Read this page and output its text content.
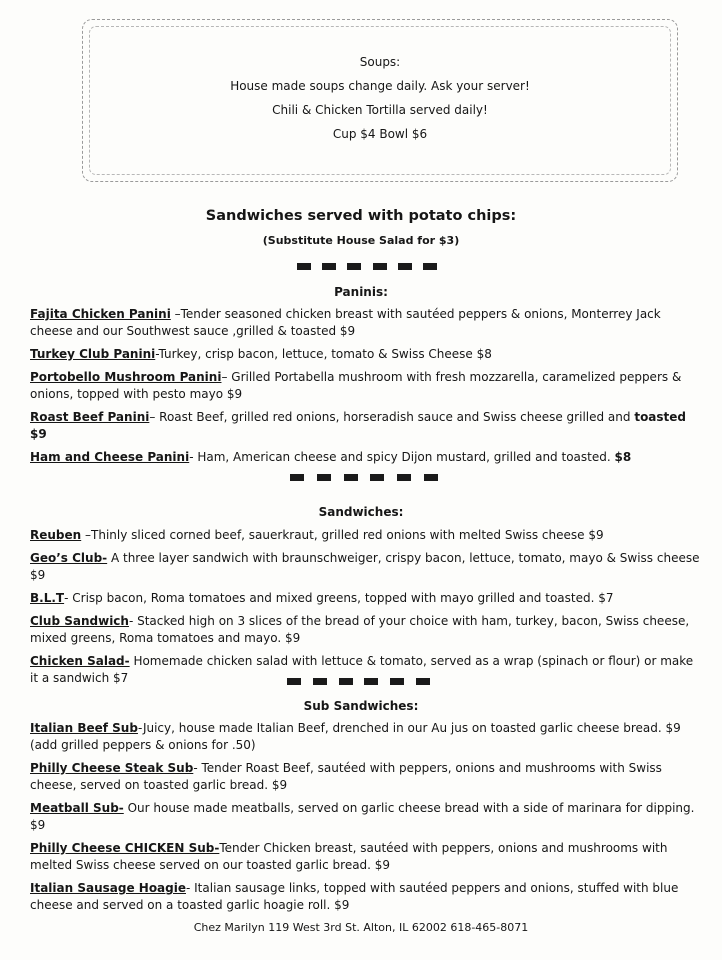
Soups:
House made soups change daily. Ask your server!
Chili & Chicken Tortilla served daily!
Cup $4 Bowl $6
Sandwiches served with potato chips:
(Substitute House Salad for $3)
Paninis:

Fajita Chicken Panini –Tender seasoned chicken breast with sautéed peppers & onions, Monterrey Jack cheese and our Southwest sauce ,grilled & toasted $9

Turkey Club Panini-Turkey, crisp bacon, lettuce, tomato & Swiss Cheese $8

Portobello Mushroom Panini– Grilled Portabella mushroom with fresh mozzarella, caramelized peppers & onions, topped with pesto mayo $9

Roast Beef Panini– Roast Beef, grilled red onions, horseradish sauce and Swiss cheese grilled and toasted $9

Ham and Cheese Panini- Ham, American cheese and spicy Dijon mustard, grilled and toasted. $8

Sandwiches:

Reuben –Thinly sliced corned beef, sauerkraut, grilled red onions with melted Swiss cheese $9

Geo’s Club- A three layer sandwich with braunschweiger, crispy bacon, lettuce, tomato, mayo & Swiss cheese $9

B.L.T- Crisp bacon, Roma tomatoes and mixed greens, topped with mayo grilled and toasted. $7

Club Sandwich- Stacked high on 3 slices of the bread of your choice with ham, turkey, bacon, Swiss cheese, mixed greens, Roma tomatoes and mayo. $9

Chicken Salad- Homemade chicken salad with lettuce & tomato, served as a wrap (spinach or flour) or make it a sandwich $7

Sub Sandwiches:

Italian Beef Sub-Juicy, house made Italian Beef, drenched in our Au jus on toasted garlic cheese bread. $9 (add grilled peppers & onions for .50)

Philly Cheese Steak Sub- Tender Roast Beef, sautéed with peppers, onions and mushrooms with Swiss cheese, served on toasted garlic bread. $9

Meatball Sub- Our house made meatballs, served on garlic cheese bread with a side of marinara for dipping. $9

Philly Cheese CHICKEN Sub-Tender Chicken breast, sautéed with peppers, onions and mushrooms with melted Swiss cheese served on our toasted garlic bread. $9

Italian Sausage Hoagie- Italian sausage links, topped with sautéed peppers and onions, stuffed with blue cheese and served on a toasted garlic hoagie roll. $9

Chez Marilyn 119 West 3rd St. Alton, IL 62002 618-465-8071
